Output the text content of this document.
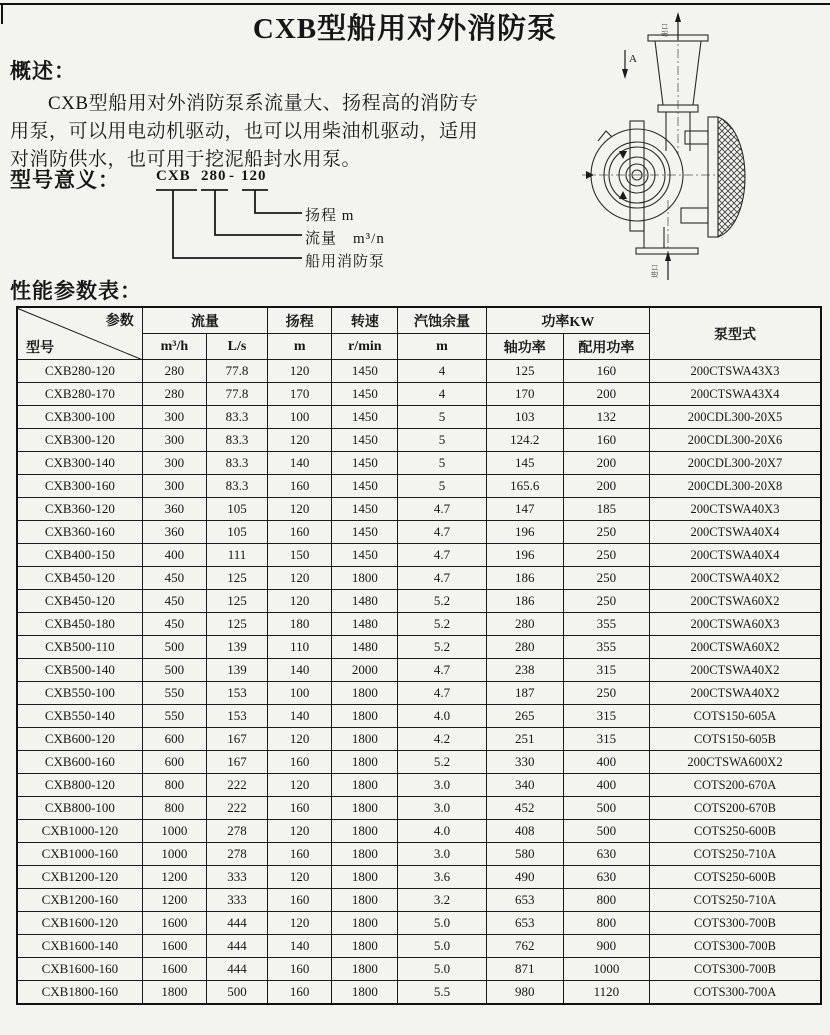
CXB型船用对外消防泵
概述：
CXB型船用对外消防泵系流量大、扬程高的消防专
用泵，可以用电动机驱动，也可以用柴油机驱动，适用
对消防供水，也可用于挖泥船封水用泵。
型号意义： CXB 280 - 120
扬程 m
流量　m³/n
船用消防泵
出口
A
进口
性能参数表：
参数
型号	流量		扬程	转速	汽蚀余量	功率KW		泵型式
	m³/h	L/s	m	r/min	m	轴功率	配用功率	
CXB280-120	280	77.8	120	1450	4	125	160	200CTSWA43X3
CXB280-170	280	77.8	170	1450	4	170	200	200CTSWA43X4
CXB300-100	300	83.3	100	1450	5	103	132	200CDL300-20X5
CXB300-120	300	83.3	120	1450	5	124.2	160	200CDL300-20X6
CXB300-140	300	83.3	140	1450	5	145	200	200CDL300-20X7
CXB300-160	300	83.3	160	1450	5	165.6	200	200CDL300-20X8
CXB360-120	360	105	120	1450	4.7	147	185	200CTSWA40X3
CXB360-160	360	105	160	1450	4.7	196	250	200CTSWA40X4
CXB400-150	400	111	150	1450	4.7	196	250	200CTSWA40X4
CXB450-120	450	125	120	1800	4.7	186	250	200CTSWA40X2
CXB450-120	450	125	120	1480	5.2	186	250	200CTSWA60X2
CXB450-180	450	125	180	1480	5.2	280	355	200CTSWA60X3
CXB500-110	500	139	110	1480	5.2	280	355	200CTSWA60X2
CXB500-140	500	139	140	2000	4.7	238	315	200CTSWA40X2
CXB550-100	550	153	100	1800	4.7	187	250	200CTSWA40X2
CXB550-140	550	153	140	1800	4.0	265	315	COTS150-605A
CXB600-120	600	167	120	1800	4.2	251	315	COTS150-605B
CXB600-160	600	167	160	1800	5.2	330	400	200CTSWA600X2
CXB800-120	800	222	120	1800	3.0	340	400	COTS200-670A
CXB800-100	800	222	160	1800	3.0	452	500	COTS200-670B
CXB1000-120	1000	278	120	1800	4.0	408	500	COTS250-600B
CXB1000-160	1000	278	160	1800	3.0	580	630	COTS250-710A
CXB1200-120	1200	333	120	1800	3.6	490	630	COTS250-600B
CXB1200-160	1200	333	160	1800	3.2	653	800	COTS250-710A
CXB1600-120	1600	444	120	1800	5.0	653	800	COTS300-700B
CXB1600-140	1600	444	140	1800	5.0	762	900	COTS300-700B
CXB1600-160	1600	444	160	1800	5.0	871	1000	COTS300-700B
CXB1800-160	1800	500	160	1800	5.5	980	1120	COTS300-700A
